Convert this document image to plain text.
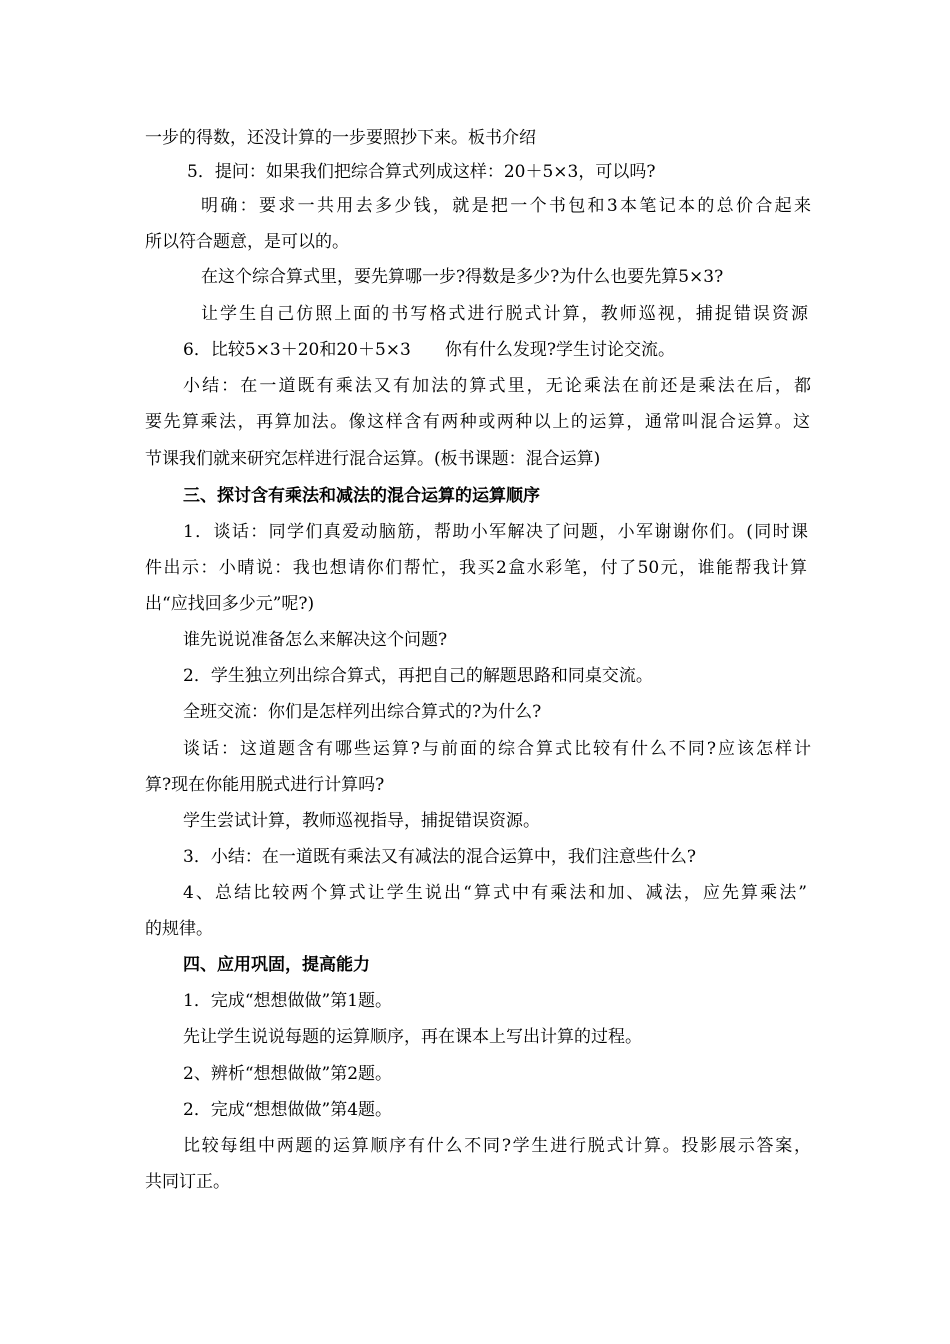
一步的得数，还没计算的一步要照抄下来。板书介绍

5．提问：如果我们把综合算式列成这样：20＋5×3，可以吗?

明确：要求一共用去多少钱，就是把一个书包和3本笔记本的总价合起来

所以符合题意，是可以的。

在这个综合算式里，要先算哪一步?得数是多少?为什么也要先算5×3?

让学生自己仿照上面的书写格式进行脱式计算，教师巡视，捕捉错误资源

6．比较5×3＋20和20＋5×3　　你有什么发现?学生讨论交流。

小结：在一道既有乘法又有加法的算式里，无论乘法在前还是乘法在后，都

要先算乘法，再算加法。像这样含有两种或两种以上的运算，通常叫混合运算。这

节课我们就来研究怎样进行混合运算。(板书课题：混合运算)

三、探讨含有乘法和减法的混合运算的运算顺序

1．谈话：同学们真爱动脑筋，帮助小军解决了问题，小军谢谢你们。(同时课

件出示：小晴说：我也想请你们帮忙，我买2盒水彩笔，付了50元，谁能帮我计算

出“应找回多少元”呢?)

谁先说说准备怎么来解决这个问题?

2．学生独立列出综合算式，再把自己的解题思路和同桌交流。

全班交流：你们是怎样列出综合算式的?为什么?

谈话：这道题含有哪些运算?与前面的综合算式比较有什么不同?应该怎样计

算?现在你能用脱式进行计算吗?

学生尝试计算，教师巡视指导，捕捉错误资源。

3．小结：在一道既有乘法又有减法的混合运算中，我们注意些什么?

4、总结比较两个算式让学生说出“算式中有乘法和加、减法，应先算乘法”

的规律。

四、应用巩固，提高能力

1．完成“想想做做”第1题。

先让学生说说每题的运算顺序，再在课本上写出计算的过程。

2、辨析“想想做做”第2题。

2．完成“想想做做”第4题。

比较每组中两题的运算顺序有什么不同?学生进行脱式计算。投影展示答案，

共同订正。
